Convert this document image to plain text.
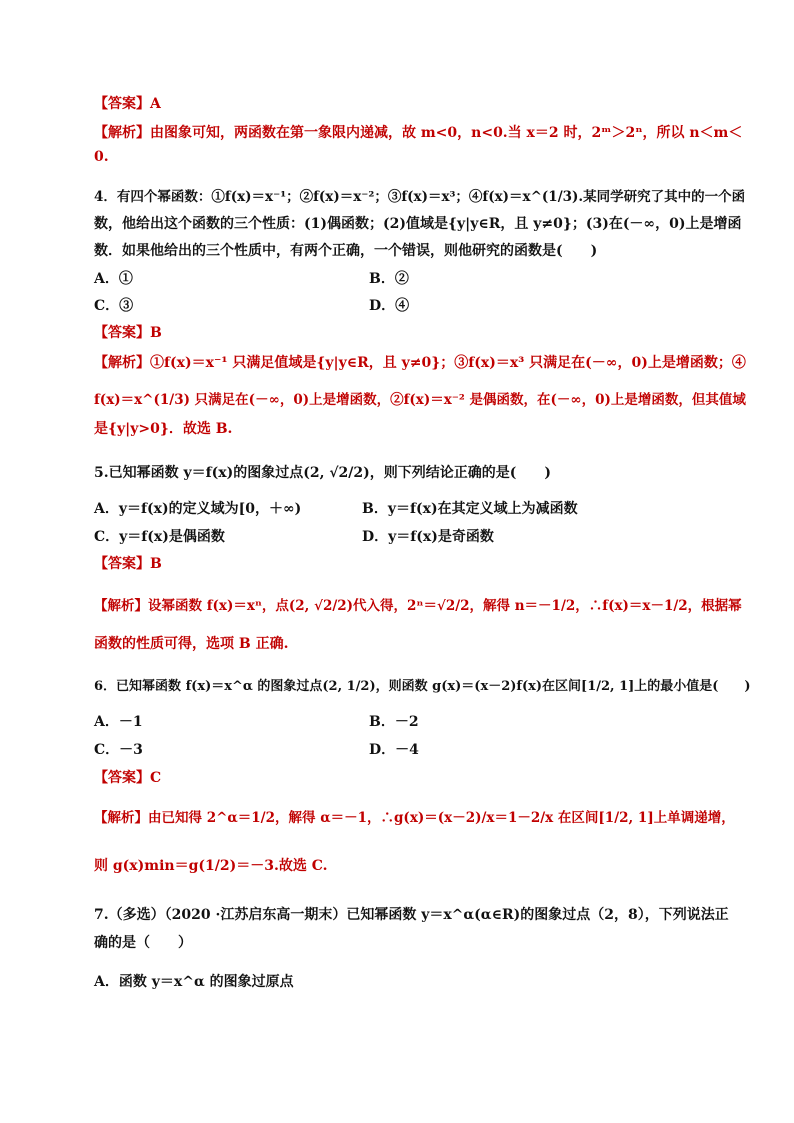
【答案】A
【解析】由图象可知，两函数在第一象限内递减，故 m<0，n<0.当 x＝2 时，2ᵐ＞2ⁿ，所以 n＜m＜
0.
4．有四个幂函数：①f(x)＝x⁻¹；②f(x)＝x⁻²；③f(x)＝x³；④f(x)＝x^(1/3).某同学研究了其中的一个函
数，他给出这个函数的三个性质：(1)偶函数；(2)值域是{y|y∈R，且 y≠0}；(3)在(－∞，0)上是增函
数．如果他给出的三个性质中，有两个正确，一个错误，则他研究的函数是(　　)
A．①	B．②
C．③	D．④
【答案】B
【解析】①f(x)＝x⁻¹ 只满足值域是{y|y∈R，且 y≠0}；③f(x)＝x³ 只满足在(－∞，0)上是增函数；④
f(x)＝x^(1/3) 只满足在(－∞，0)上是增函数，②f(x)＝x⁻² 是偶函数，在(－∞，0)上是增函数，但其值域
是{y|y>0}．故选 B.
5.已知幂函数 y＝f(x)的图象过点(2, √2/2)，则下列结论正确的是(　　)
A．y＝f(x)的定义域为[0，＋∞)	B．y＝f(x)在其定义域上为减函数
C．y＝f(x)是偶函数	D．y＝f(x)是奇函数
【答案】B
【解析】设幂函数 f(x)＝xⁿ，点(2, √2/2)代入得，2ⁿ＝√2/2，解得 n＝－1/2，∴f(x)＝x－1/2，根据幂
函数的性质可得，选项 B 正确.
6．已知幂函数 f(x)＝x^α 的图象过点(2, 1/2)，则函数 g(x)＝(x－2)f(x)在区间[1/2, 1]上的最小值是(　　)
A．－1	B．－2
C．－3	D．－4
【答案】C
【解析】由已知得 2^α＝1/2，解得 α＝－1，∴g(x)＝(x－2)/x＝1－2/x 在区间[1/2, 1]上单调递增，
则 g(x)min＝g(1/2)＝－3.故选 C.
7.（多选）（2020 ·江苏启东高一期末）已知幂函数 y＝x^α(α∈R)的图象过点（2，8），下列说法正
确的是（　　）
A．函数 y＝x^α 的图象过原点
